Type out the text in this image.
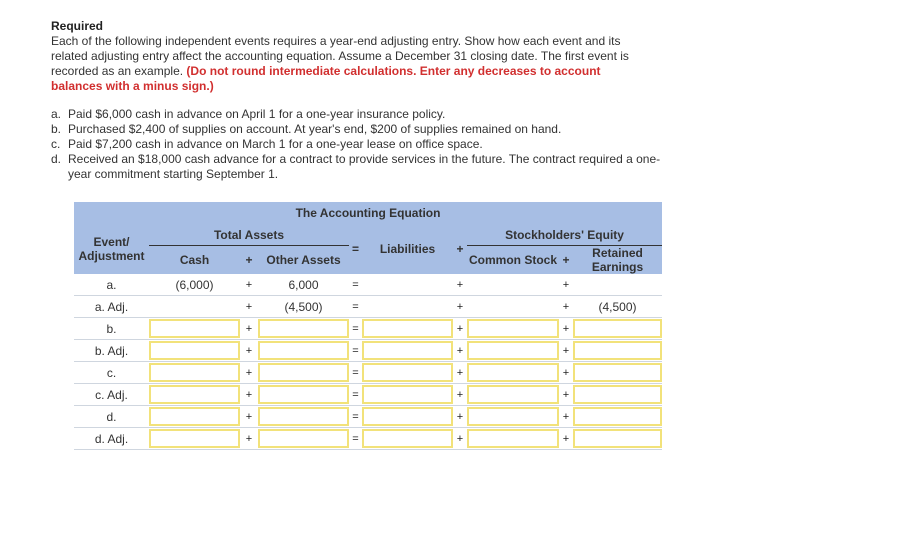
Required
Each of the following independent events requires a year-end adjusting entry. Show how each event and its related adjusting entry affect the accounting equation. Assume a December 31 closing date. The first event is recorded as an example. (Do not round intermediate calculations. Enter any decreases to account balances with a minus sign.)
a. Paid $6,000 cash in advance on April 1 for a one-year insurance policy.
b. Purchased $2,400 of supplies on account. At year's end, $200 of supplies remained on hand.
c. Paid $7,200 cash in advance on March 1 for a one-year lease on office space.
d. Received an $18,000 cash advance for a contract to provide services in the future. The contract required a one-year commitment starting September 1.
The Accounting Equation									
Event/ Adjustment	Total Assets			=	Liabilities	+	Stockholders' Equity		
	Cash	+	Other Assets				Common Stock	+	Retained Earnings
a.	(6,000)	+	6,000	=		+		+	
a. Adj.		+	(4,500)	=		+		+	(4,500)
b.		+		=		+		+	

b. Adj.		+		=		+		+	

c.		+		=		+		+	

c. Adj.		+		=		+		+	

d.		+		=		+		+	

d. Adj.		+		=		+		+	
